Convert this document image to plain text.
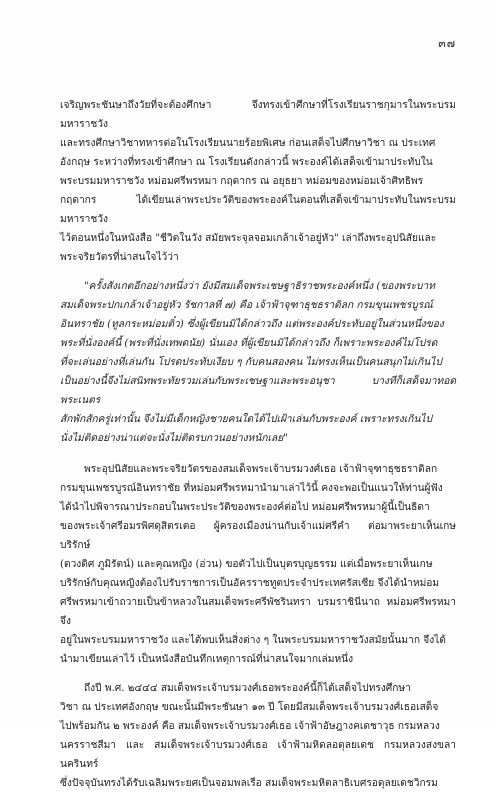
๓๗

เจริญพระชันษาถึงวัยที่จะต้องศึกษา จึงทรงเข้าศึกษาที่โรงเรียนราชกุมารในพระบรมมหาราชวัง
และทรงศึกษาวิชาทหารต่อในโรงเรียนนายร้อยพิเศษ ก่อนเสด็จไปศึกษาวิชา ณ ประเทศ
อังกฤษ ระหว่างที่ทรงเข้าศึกษา ณ โรงเรียนดังกล่าวนี้ พระองค์ได้เสด็จเข้ามาประทับใน
พระบรมมหาราชวัง หม่อมศรีพรหมา กฤดากร ณ อยุธยา หม่อมของหม่อมเจ้าศิทธิพร
กฤดากร ได้เขียนเล่าพระประวัติของพระองค์ในตอนที่เสด็จเข้ามาประทับในพระบรมมหาราชวัง
ไว้ตอนหนึ่งในหนังสือ "ชีวิตในวัง สมัยพระจุลจอมเกล้าเจ้าอยู่หัว" เล่าถึงพระอุปนิสัยและ
พระจริยวัตรที่น่าสนใจไว้ว่า

"ครั้งสังเกตอีกอย่างหนึ่งว่า ยังมีสมเด็จพระเชษฐาธิราชพระองค์หนึ่ง (ของพระบาท
สมเด็จพระปกเกล้าเจ้าอยู่หัว รัชกาลที่ ๗) คือ เจ้าฟ้าจุฑาธุชธราดิลก กรมขุนเพชรบูรณ์
อินทราชัย (ทูลกระหม่อมติ๋ว) ซึ่งผู้เขียนมิได้กล่าวถึง แต่พระองค์ประทับอยู่ในส่วนหนึ่งของ
พระที่นั่งองค์นี้ (พระที่นั่งเทพดนัย) นั่นเอง ที่ผู้เขียนมิได้กล่าวถึง ก็เพราะพระองค์ไม่โปรด
ที่จะเล่นอย่างที่เล่นกัน โปรดประทับเงียบ ๆ กับคนสองคน ไม่ทรงเห็นเป็นคนสนุกไม่เกินไป
เป็นอย่างนี้จึงไม่สนิทพระทัยรวมเล่นกับพระเชษฐาและพระอนุชา บางทีก็เสด็จมาทอดพระเนตร
สักพักสักครู่เท่านั้น จึงไม่มีเด็กหญิงชายคนใดได้ไปเฝ้าเล่นกับพระองค์ เพราะทรงเกินไป
นั่งไม่ติดอย่างน่าแต่จะนั่งไม่ติดรบกวนอย่างหนักเลย"

พระอุปนิสัยและพระจริยวัตรของสมเด็จพระเจ้าบรมวงศ์เธอ เจ้าฟ้าจุฑาธุชธราดิลก
กรมขุนเพชรบูรณ์อินทราชัย ที่หม่อมศรีพรหมานำมาเล่าไว้นี้ คงจะพอเป็นแนวให้ท่านผู้ฟัง
ได้นำไปพิจารณาประกอบในพระประวัติของพระองค์ต่อไป หม่อมศรีพรหมาผู้นี้เป็นธิดา
ของพระเจ้าศรีอมรพิศดุสิตรเตอ ผู้ครองเมืองน่านกับเจ้าแม่ศรีคำ ต่อมาพระยาเห็นเกษบริรักษ์
(ดวงดิศ ภูมิรัตน์) และคุณหญิง (อ่วน) ขอตัวไปเป็นบุตรบุญธรรม แต่เมื่อพระยาเห็นเกษ
บริรักษ์กับคุณหญิงต้องไปรับราชการเป็นอัครราชทูตประจำประเทศรัสเซีย จึงได้นำหม่อม
ศรีพรหมาเข้าถวายเป็นข้าหลวงในสมเด็จพระศรีพัชรินทรา บรมราชินีนาถ หม่อมศรีพรหมาจึง
อยู่ในพระบรมมหาราชวัง และได้พบเห็นสิ่งต่าง ๆ ในพระบรมมหาราชวังสมัยนั้นมาก จึงได้
นำมาเขียนเล่าไว้ เป็นหนังสือบันทึกเหตุการณ์ที่น่าสนใจมากเล่มหนึ่ง

ถึงปี พ.ศ. ๒๔๔๔ สมเด็จพระเจ้าบรมวงศ์เธอพระองค์นี้ก็ได้เสด็จไปทรงศึกษา
วิชา ณ ประเทศอังกฤษ ขณะนั้นมีพระชันษา ๑๓ ปี โดยมีสมเด็จพระเจ้าบรมวงศ์เธอเสด็จ
ไปพร้อมกัน ๒ พระองค์ คือ สมเด็จพระเจ้าบรมวงศ์เธอ เจ้าฟ้าอัษฎางคเดชาวุธ กรมหลวง
นครราชสีมา และ สมเด็จพระเจ้าบรมวงศ์เธอ เจ้าฟ้ามหิดลอดุลยเดช กรมหลวงสงขลานครินทร์
ซึ่งปัจจุบันทรงได้รับเฉลิมพระยศเป็นจอมพลเรือ สมเด็จพระมหิตลาธิเบศรอดุลยเดชวิกรม
